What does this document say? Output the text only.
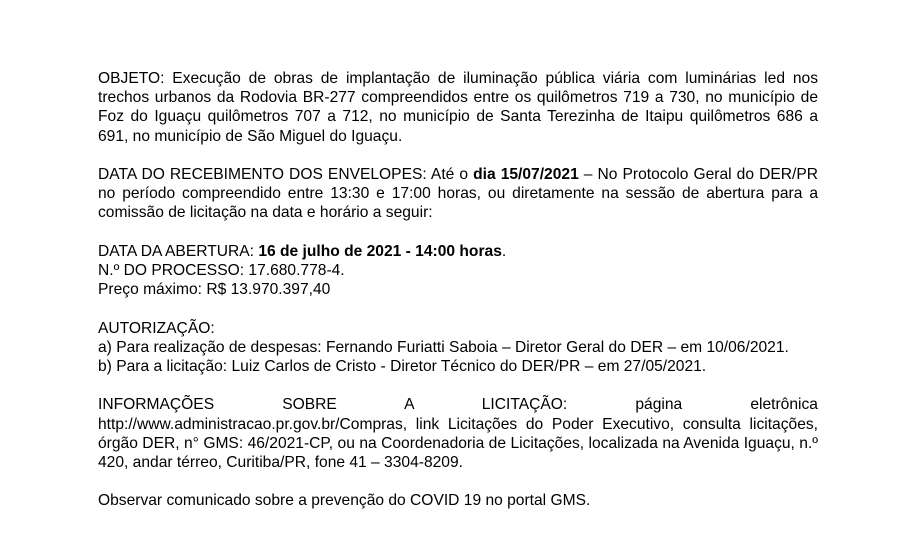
OBJETO: Execução de obras de implantação de iluminação pública viária com luminárias led nos trechos urbanos da Rodovia BR-277 compreendidos entre os quilômetros 719 a 730, no município de Foz do Iguaçu quilômetros 707 a 712, no município de Santa Terezinha de Itaipu quilômetros 686 a 691, no município de São Miguel do Iguaçu.

DATA DO RECEBIMENTO DOS ENVELOPES: Até o dia 15/07/2021 – No Protocolo Geral do DER/PR no período compreendido entre 13:30 e 17:00 horas, ou diretamente na sessão de abertura para a comissão de licitação na data e horário a seguir:

DATA DA ABERTURA: 16 de julho de 2021 - 14:00 horas.
N.º DO PROCESSO: 17.680.778-4.
Preço máximo: R$ 13.970.397,40
AUTORIZAÇÃO:

a) Para realização de despesas: Fernando Furiatti Saboia – Diretor Geral do DER – em 10/06/2021.

b) Para a licitação: Luiz Carlos de Cristo - Diretor Técnico do DER/PR – em 27/05/2021.
INFORMAÇÕES	SOBRE	A	LICITAÇÃO:	página	eletrônica

http://www.administracao.pr.gov.br/Compras, link Licitações do Poder Executivo, consulta licitações, órgão DER, n° GMS: 46/2021-CP, ou na Coordenadoria de Licitações, localizada na Avenida Iguaçu, n.º 420, andar térreo, Curitiba/PR, fone 41 – 3304-8209.

Observar comunicado sobre a prevenção do COVID 19 no portal GMS.
